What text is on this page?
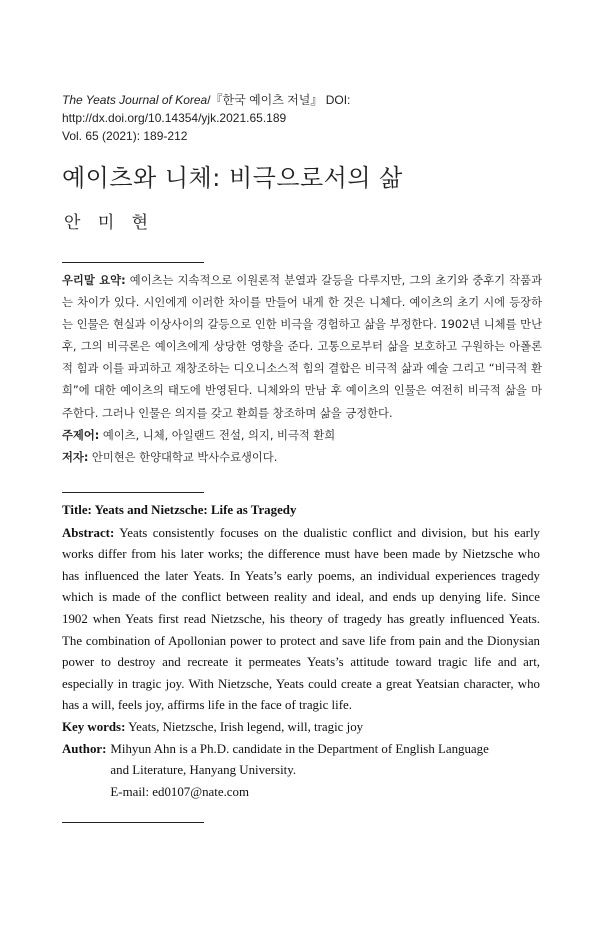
The Yeats Journal of Korea/『한국 예이츠 저널』 DOI: http://dx.doi.org/10.14354/yjk.2021.65.189
Vol. 65 (2021): 189-212
예이츠와 니체: 비극으로서의 삶
안 미 현

우리말 요약: 예이츠는 지속적으로 이원론적 분열과 갈등을 다루지만, 그의 초기와 중후기 작품과는 차이가 있다. 시인에게 이러한 차이를 만들어 내게 한 것은 니체다. 예이츠의 초기 시에 등장하는 인물은 현실과 이상사이의 갈등으로 인한 비극을 경험하고 삶을 부정한다. 1902년 니체를 만난 후, 그의 비극론은 예이츠에게 상당한 영향을 준다. 고통으로부터 삶을 보호하고 구원하는 아폴론적 힘과 이를 파괴하고 재창조하는 디오니소스적 힘의 결합은 비극적 삶과 예술 그리고 “비극적 환희”에 대한 예이츠의 태도에 반영된다. 니체와의 만남 후 예이츠의 인물은 여전히 비극적 삶을 마주한다. 그러나 인물은 의지를 갖고 환희를 창조하며 삶을 긍정한다.

주제어: 예이츠, 니체, 아일랜드 전설, 의지, 비극적 환희

저자: 안미현은 한양대학교 박사수료생이다.

Title: Yeats and Nietzsche: Life as Tragedy

Abstract: Yeats consistently focuses on the dualistic conflict and division, but his early works differ from his later works; the difference must have been made by Nietzsche who has influenced the later Yeats. In Yeats’s early poems, an individual experiences tragedy which is made of the conflict between reality and ideal, and ends up denying life. Since 1902 when Yeats first read Nietzsche, his theory of tragedy has greatly influenced Yeats. The combination of Apollonian power to protect and save life from pain and the Dionysian power to destroy and recreate it permeates Yeats’s attitude toward tragic life and art, especially in tragic joy. With Nietzsche, Yeats could create a great Yeatsian character, who has a will, feels joy, affirms life in the face of tragic life.

Key words: Yeats, Nietzsche, Irish legend, will, tragic joy

Author: Mihyun Ahn is a Ph.D. candidate in the Department of English Language
and Literature, Hanyang University.
E-mail: ed0107@nate.com
